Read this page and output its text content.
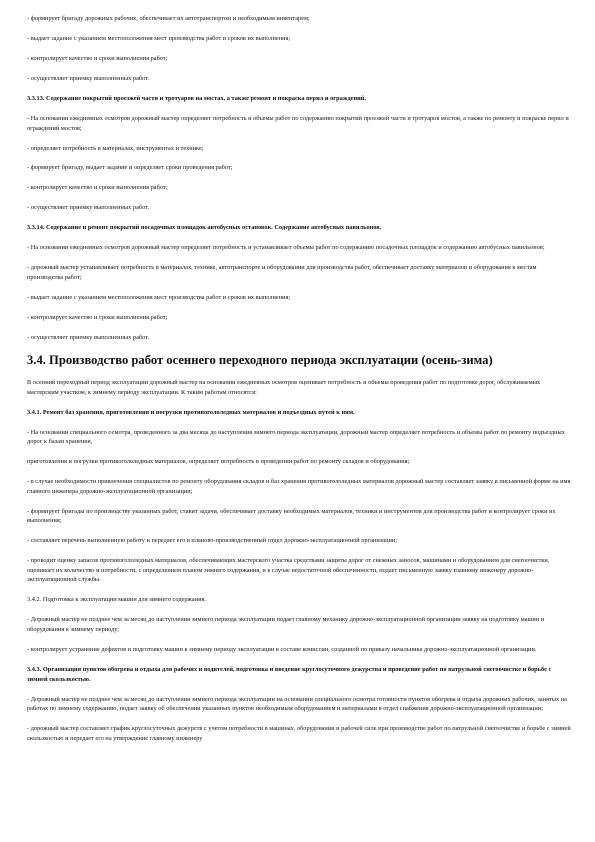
- формирует бригаду дорожных рабочих, обеспечивает их автотранспортом и необходимым инвентарем;
- выдает задание с указанием местоположения мест производства работ и сроков их выполнения;
- контролирует качество и сроки выполнения работ;
- осуществляет приемку выполненных работ.
3.3.13. Содержание покрытий проезжей части и тротуаров на мостах, а также ремонт и покраска перил и ограждений.
- На основании ежедневных осмотров дорожный мастер определяет потребность и объемы работ по содержанию покрытий проезжей части и тротуаров мостов, а также по ремонту и покраске перил и ограждений мостов;
- определяет потребность в материалах, инструментах и технике;
- формирует бригаду, выдает задание и определяет сроки проведения работ;
- контролирует качество и сроки выполнения работ;
- осуществляет приемку выполненных работ.
3.3.14. Содержание и ремонт покрытий посадочных площадок автобусных остановок. Содержание автобусных павильонов.
- На основании ежедневных осмотров дорожный мастер определяет потребность и устанавливает объемы работ по содержанию посадочных площадок и содержанию автобусных павильонов;
- дорожный мастер устанавливает потребность в материалах, технике, автотранспорте и оборудовании для производства работ, обеспечивает доставку материалов и оборудования к местам производства работ;
- выдает задание с указанием местоположения мест производства работ и сроков их выполнения;
- контролирует качество и сроки выполнения работ;
- осуществляет приемку выполненных работ.
3.4. Производство работ осеннего переходного периода эксплуатации (осень-зима)
В осенний переходный период эксплуатации дорожный мастер на основании ежедневных осмотров оценивает потребность и объемы проведения работ по подготовке дорог, обслуживаемых мастерским участком, к зимнему периоду эксплуатации. К таким работам относятся:
3.4.1. Ремонт баз хранения, приготовления и погрузки противогололедных материалов и подъездных путей к ним.
- На основании специального осмотра, проведенного за два месяца до наступления зимнего периода эксплуатации, дорожный мастер определяет потребность и объемы работ по ремонту подъездных дорог к базам хранения,
приготовления и погрузки противогололедных материалов, определяет потребность в проведении работ по ремонту складов и оборудования;
- в случае необходимости привлечения специалистов по ремонту оборудования складов и баз хранения противогололедных материалов дорожный мастер составляет заявку в письменной форме на имя главного инженера дорожно-эксплуатационной организации;
- формирует бригады по производству указанных работ, ставит задачи, обеспечивает доставку необходимых материалов, техники и инструментов для производства работ и контролирует сроки их выполнения;
- составляет перечень выполненную работу и передает его в планово-производственный отдел дорожно-эксплуатационной организации;
- проводит оценку запасов противогололедных материалов, обеспечивающих мастерского участка средствами защиты дорог от снежных заносов, машинами и оборудованием для снегоочистки, оценивает их количество и потребности, с определением планом зимнего содержания, и в случае недостаточной обеспеченности, подает письменную заявку главному инженеру дорожно-эксплуатационной службы.
3.4.2. Подготовка к эксплуатации машин для зимнего содержания.
- Дорожный мастер не позднее чем за месяц до наступления зимнего периода эксплуатации подает главному механику дорожно-эксплуатационной организации заявку на подготовку машин и оборудования к зимнему периоду;
- контролирует устранение дефектов и подготовку машин к зимнему периоду эксплуатации в составе комиссии, созданной по приказу начальника дорожно-эксплуатационной организации.
3.4.3. Организация пунктов обогрева и отдыха для рабочих и водителей, подготовка и введение круглосуточного дежурства и проведение работ по патрульной снегоочистке и борьбе с зимней скользкостью.
- Дорожный мастер не позднее чем за месяц до наступления зимнего периода эксплуатации на основании специального осмотра готовности пунктов обогрева и отдыха дорожных рабочих, занятых на работах по зимнему содержанию, подает заявку об обеспечении указанных пунктов необходимым оборудованием и материалами в отдел снабжения дорожно-эксплуатационной организации;
- дорожный мастер составляет график круглосуточных дежурств с учетом потребности в машинах, оборудовании и рабочей силе при производстве работ по патрульной снегоочистке и борьбе с зимней скользкостью и передает его на утверждение главному инженеру
